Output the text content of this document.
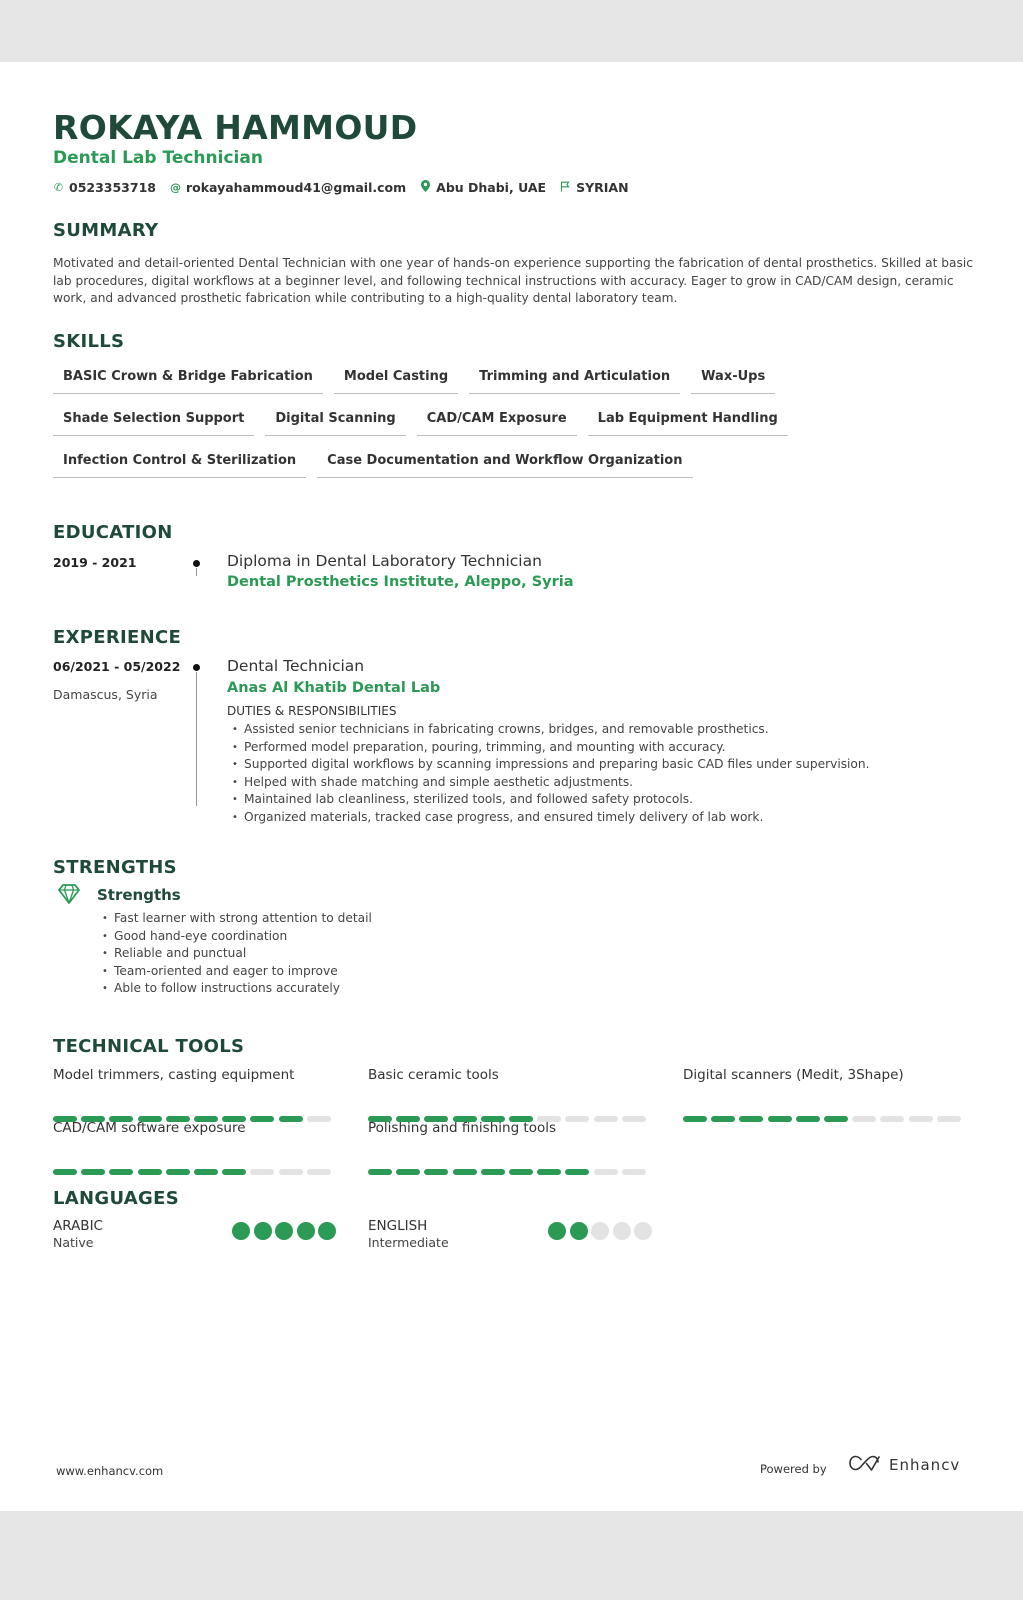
ROKAYA HAMMOUD
Dental Lab Technician
✆ 0523353718 @ rokayahammoud41@gmail.com Abu Dhabi, UAE SYRIAN
SUMMARY
Motivated and detail-oriented Dental Technician with one year of hands-on experience supporting the fabrication of dental prosthetics. Skilled at basic lab procedures, digital workflows at a beginner level, and following technical instructions with accuracy. Eager to grow in CAD/CAM design, ceramic work, and advanced prosthetic fabrication while contributing to a high-quality dental laboratory team.
SKILLS
BASIC Crown & Bridge Fabrication	Model Casting	Trimming and Articulation	Wax-Ups
Shade Selection Support	Digital Scanning	CAD/CAM Exposure	Lab Equipment Handling
Infection Control & Sterilization	Case Documentation and Workflow Organization
EDUCATION
2019 - 2021	Diploma in Dental Laboratory Technician
Dental Prosthetics Institute, Aleppo, Syria
EXPERIENCE
06/2021 - 05/2022
Damascus, Syria
Dental Technician
Anas Al Khatib Dental Lab
DUTIES & RESPONSIBILITIES
• Assisted senior technicians in fabricating crowns, bridges, and removable prosthetics.
• Performed model preparation, pouring, trimming, and mounting with accuracy.
• Supported digital workflows by scanning impressions and preparing basic CAD files under supervision.
• Helped with shade matching and simple aesthetic adjustments.
• Maintained lab cleanliness, sterilized tools, and followed safety protocols.
• Organized materials, tracked case progress, and ensured timely delivery of lab work.
STRENGTHS
Strengths
• Fast learner with strong attention to detail
• Good hand-eye coordination
• Reliable and punctual
• Team-oriented and eager to improve
• Able to follow instructions accurately
TECHNICAL TOOLS
Model trimmers, casting equipment	Basic ceramic tools	Digital scanners (Medit, 3Shape)
CAD/CAM software exposure	Polishing and finishing tools
LANGUAGES
ARABIC
Native
ENGLISH
Intermediate
www.enhancv.com	Powered by	Enhancv
